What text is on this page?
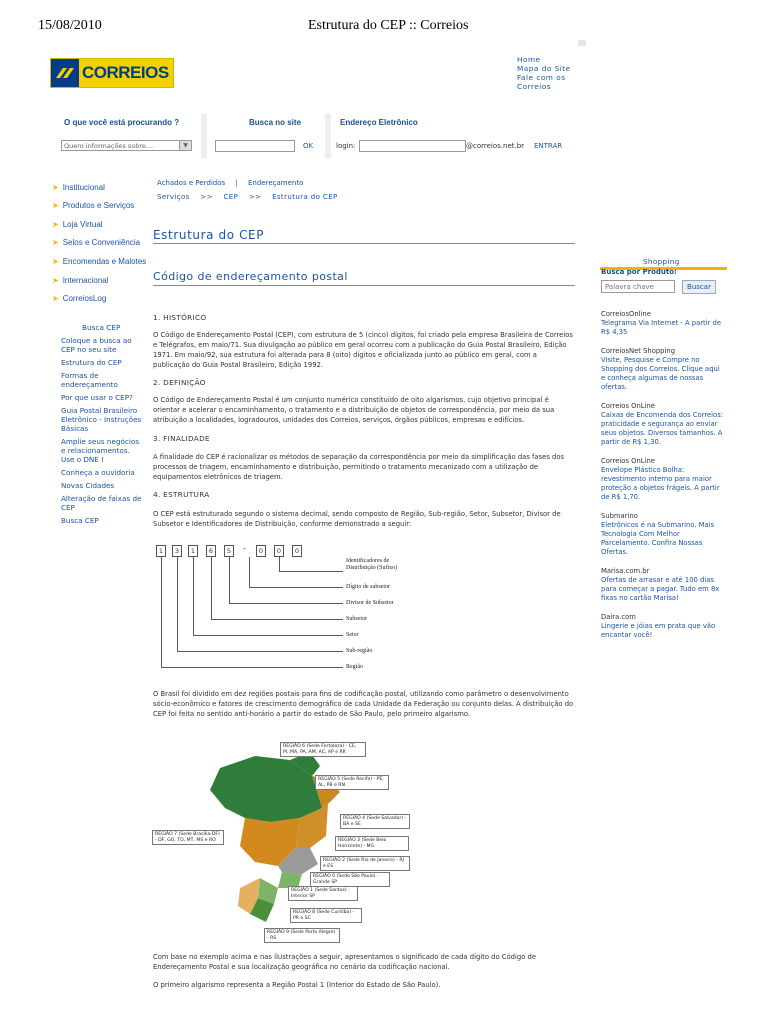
15/08/2010	Estrutura do CEP :: Correios
CORREIOS
Home
Mapa do Site
Fale com os
Correios
O que você está procurando ?
Quero informações sobre....	▼
Busca no site
OK
Endereço Eletrônico
login:	@correios.net.br ENTRAR
➤ Institucional
➤ Produtos e Serviços
➤ Loja Virtual
➤ Selos e Conveniência
➤ Encomendas e Malotes
➤ Internacional
➤ CorreiosLog
Busca CEP
Coloque a busca ao CEP no seu site
Estrutura do CEP
Formas de endereçamento
Por que usar o CEP?
Guia Postal Brasileiro Eletrônico - Instruções Básicas
Amplie seus negócios e relacionamentos. Use o DNE !
Conheça a ouvidoria
Novas Cidades
Alteração de faixas de CEP
Busca CEP
Achados e Perdidos | Endereçamento
Serviços >> CEP >> Estrutura do CEP
Estrutura do CEP
Código de endereçamento postal
1. HISTÓRICO
O Código de Endereçamento Postal (CEP), com estrutura de 5 (cinco) dígitos, foi criado pela empresa Brasileira de Correios e Telégrafos, em maio/71. Sua divulgação ao público em geral ocorreu com a publicação do Guia Postal Brasileiro, Edição 1971. Em maio/92, sua estrutura foi alterada para 8 (oito) dígitos e oficializada junto ao público em geral, com a publicação do Guia Postal Brasileiro, Edição 1992.
2. DEFINIÇÃO
O Código de Endereçamento Postal é um conjunto numérico constituído de oito algarismos, cujo objetivo principal é orientar e acelerar o encaminhamento, o tratamento e a distribuição de objetos de correspondência, por meio da sua atribuição a localidades, logradouros, unidades dos Correios, serviços, órgãos públicos, empresas e edifícios.
3. FINALIDADE
A finalidade do CEP é racionalizar os métodos de separação da correspondência por meio da simplificação das fases dos processos de triagem, encaminhamento e distribuição, permitindo o tratamento mecanizado com a utilização de equipamentos eletrônicos de triagem.
4. ESTRUTURA
O CEP está estruturado segundo o sistema decimal, sendo composto de Região, Sub-região, Setor, Subsetor, Divisor de Subsetor e Identificadores de Distribuição, conforme demonstrado a seguir:
1	3	1	6	5	-	0	0	0
Identificadores de Distribuição (Sufixo)
Dígito de subsetor
Divisor de Subsetor
Subsetor
Setor
Sub-região
Região
O Brasil foi dividido em dez regiões postais para fins de codificação postal, utilizando como parâmetro o desenvolvimento sócio-econômico e fatores de crescimento demográfico de cada Unidade da Federação ou conjunto delas. A distribuição do CEP foi feita no sentido anti-horário a partir do estado de São Paulo, pelo primeiro algarismo.
REGIÃO 6 (Sede Fortaleza) - CE, PI, MA, PA, AM, AC, AP e RR
REGIÃO 5 (Sede Recife) - PE, AL, PB e RN
REGIÃO 4 (Sede Salvador) - BA e SE
REGIÃO 3 (Sede Belo Horizonte) - MG
REGIÃO 2 (Sede Rio de Janeiro) - RJ e ES
REGIÃO 0 (Sede São Paulo) - Grande SP
REGIÃO 1 (Sede Santos) - Interior SP
REGIÃO 8 (Sede Curitiba) - PR e SC
REGIÃO 9 (Sede Porto Alegre) - RS
REGIÃO 7 (Sede Brasília-DF) - DF, GO, TO, MT, MS e RO
Com base no exemplo acima e nas ilustrações a seguir, apresentamos o significado de cada dígito do Código de Endereçamento Postal e sua localização geográfica no cenário da codificação nacional.
O primeiro algarismo representa a Região Postal 1 (Interior do Estado de São Paulo).
Shopping
Busca por Produto:
Palavra chave
Buscar
CorreiosOnline
Telegrama Via Internet - A partir de R$ 4,35
CorreiosNet Shopping
Visite, Pesquise e Compre no Shopping dos Correios. Clique aqui e conheça algumas de nossas ofertas.
Correios OnLine
Caixas de Encomenda dos Correios: praticidade e segurança ao enviar seus objetos. Diversos tamanhos. A partir de R$ 1,30.
Correios OnLine
Envelope Plástico Bolha: revestimento interno para maior proteção a objetos frágeis. A partir de R$ 1,70.
Submarino
Eletrônicos é na Submarino. Mais Tecnologia Com Melhor Parcelamento. Confira Nossas Ofertas.
Marisa.com.br
Ofertas de arrasar e até 100 dias para começar a pagar. Tudo em 8x fixas no cartão Marisa!
Daira.com
Lingerie e jóias em prata que vão encantar você!
